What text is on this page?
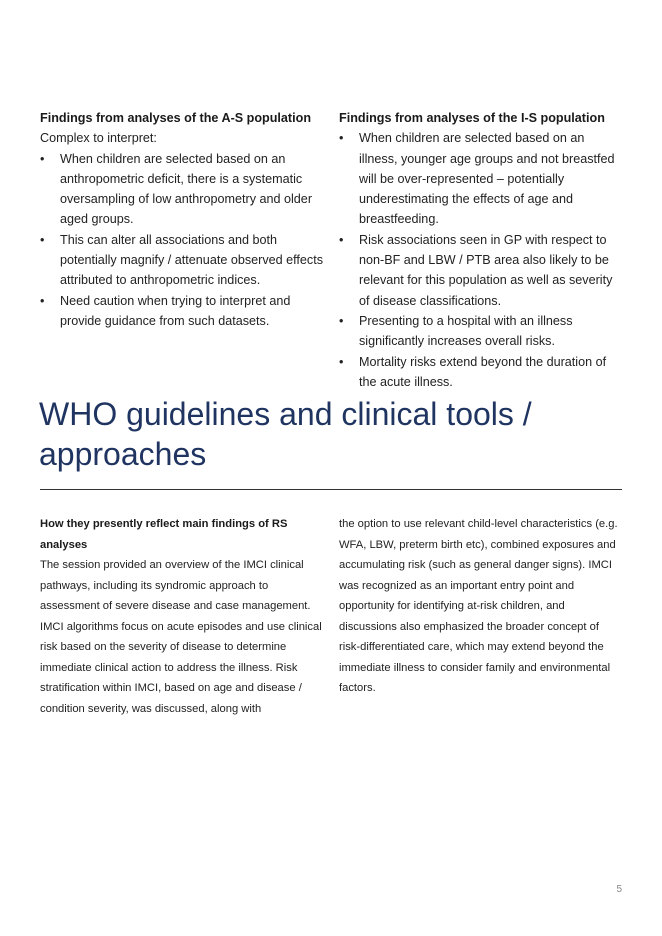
Findings from analyses of the A-S population

Complex to interpret:

• When children are selected based on an anthropometric deficit, there is a systematic oversampling of low anthropometry and older aged groups.
• This can alter all associations and both potentially magnify / attenuate observed effects attributed to anthropometric indices.
• Need caution when trying to interpret and provide guidance from such datasets.

Findings from analyses of the I-S population

• When children are selected based on an illness, younger age groups and not breastfed will be over-represented – potentially underestimating the effects of age and breastfeeding.
• Risk associations seen in GP with respect to non-BF and LBW / PTB area also likely to be relevant for this population as well as severity of disease classifications.
• Presenting to a hospital with an illness significantly increases overall risks.
• Mortality risks extend beyond the duration of the acute illness.
WHO guidelines and clinical tools / approaches

How they presently reflect main findings of RS analyses

The session provided an overview of the IMCI clinical pathways, including its syndromic approach to assessment of severe disease and case management. IMCI algorithms focus on acute episodes and use clinical risk based on the severity of disease to determine immediate clinical action to address the illness. Risk stratification within IMCI, based on age and disease / condition severity, was discussed, along with

the option to use relevant child-level characteristics (e.g. WFA, LBW, preterm birth etc), combined exposures and accumulating risk (such as general danger signs). IMCI was recognized as an important entry point and opportunity for identifying at-risk children, and discussions also emphasized the broader concept of risk-differentiated care, which may extend beyond the immediate illness to consider family and environmental factors.

5
